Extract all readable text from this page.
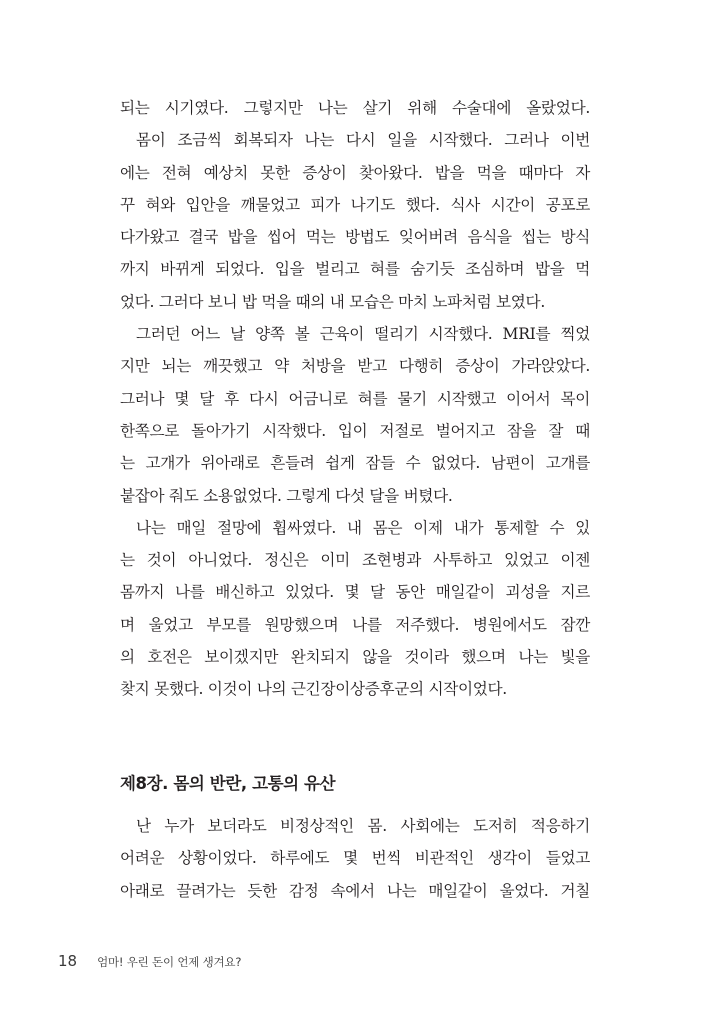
되는 시기였다. 그렇지만 나는 살기 위해 수술대에 올랐었다.
몸이 조금씩 회복되자 나는 다시 일을 시작했다. 그러나 이번
에는 전혀 예상치 못한 증상이 찾아왔다. 밥을 먹을 때마다 자
꾸 혀와 입안을 깨물었고 피가 나기도 했다. 식사 시간이 공포로
다가왔고 결국 밥을 씹어 먹는 방법도 잊어버려 음식을 씹는 방식
까지 바뀌게 되었다. 입을 벌리고 혀를 숨기듯 조심하며 밥을 먹
었다. 그러다 보니 밥 먹을 때의 내 모습은 마치 노파처럼 보였다.
그러던 어느 날 양쪽 볼 근육이 떨리기 시작했다. MRI를 찍었
지만 뇌는 깨끗했고 약 처방을 받고 다행히 증상이 가라앉았다.
그러나 몇 달 후 다시 어금니로 혀를 물기 시작했고 이어서 목이
한쪽으로 돌아가기 시작했다. 입이 저절로 벌어지고 잠을 잘 때
는 고개가 위아래로 흔들려 쉽게 잠들 수 없었다. 남편이 고개를
붙잡아 줘도 소용없었다. 그렇게 다섯 달을 버텼다.
나는 매일 절망에 휩싸였다. 내 몸은 이제 내가 통제할 수 있
는 것이 아니었다. 정신은 이미 조현병과 사투하고 있었고 이젠
몸까지 나를 배신하고 있었다. 몇 달 동안 매일같이 괴성을 지르
며 울었고 부모를 원망했으며 나를 저주했다. 병원에서도 잠깐
의 호전은 보이겠지만 완치되지 않을 것이라 했으며 나는 빛을
찾지 못했다. 이것이 나의 근긴장이상증후군의 시작이었다.
제8장. 몸의 반란, 고통의 유산
난 누가 보더라도 비정상적인 몸. 사회에는 도저히 적응하기
어려운 상황이었다. 하루에도 몇 번씩 비관적인 생각이 들었고
아래로 끌려가는 듯한 감정 속에서 나는 매일같이 울었다. 거칠
18 엄마! 우린 돈이 언제 생겨요?
